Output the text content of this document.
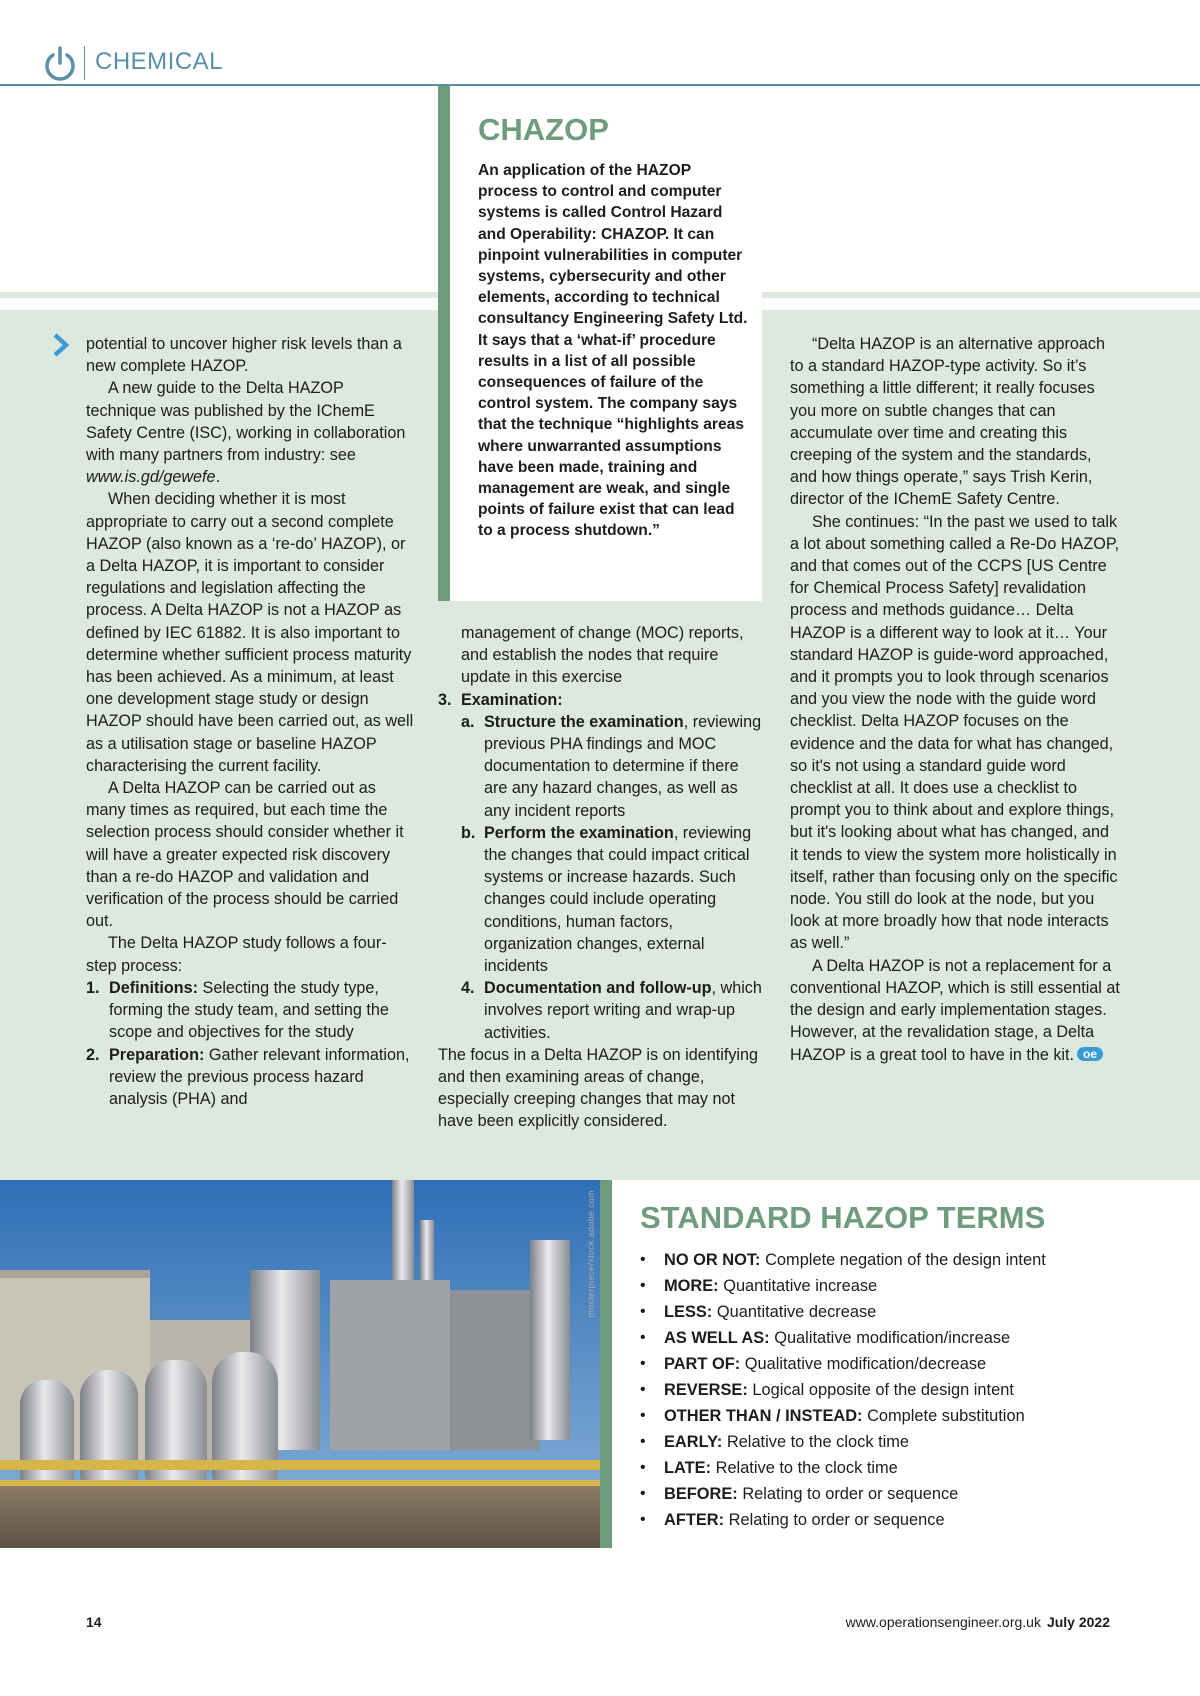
CHEMICAL
CHAZOP
An application of the HAZOP process to control and computer systems is called Control Hazard and Operability: CHAZOP. It can pinpoint vulnerabilities in computer systems, cybersecurity and other elements, according to technical consultancy Engineering Safety Ltd. It says that a ‘what-if’ procedure results in a list of all possible consequences of failure of the control system. The company says that the technique “highlights areas where unwarranted assumptions have been made, training and management are weak, and single points of failure exist that can lead to a process shutdown.”

potential to uncover higher risk levels than a new complete HAZOP.

A new guide to the Delta HAZOP technique was published by the IChemE Safety Centre (ISC), working in collaboration with many partners from industry: see www.is.gd/gewefe.

When deciding whether it is most appropriate to carry out a second complete HAZOP (also known as a ‘re-do’ HAZOP), or a Delta HAZOP, it is important to consider regulations and legislation affecting the process. A Delta HAZOP is not a HAZOP as defined by IEC 61882. It is also important to determine whether sufficient process maturity has been achieved. As a minimum, at least one development stage study or design HAZOP should have been carried out, as well as a utilisation stage or baseline HAZOP characterising the current facility.

A Delta HAZOP can be carried out as many times as required, but each time the selection process should consider whether it will have a greater expected risk discovery than a re-do HAZOP and validation and verification of the process should be carried out.

The Delta HAZOP study follows a four-step process:

1. Definitions: Selecting the study type, forming the study team, and setting the scope and objectives for the study
2. Preparation: Gather relevant information, review the previous process hazard analysis (PHA) and
management of change (MOC) reports, and establish the nodes that require update in this exercise
3. Examination:
a. Structure the examination, reviewing previous PHA findings and MOC documentation to determine if there are any hazard changes, as well as any incident reports
b. Perform the examination, reviewing the changes that could impact critical systems or increase hazards. Such changes could include operating conditions, human factors, organization changes, external incidents
4. Documentation and follow-up, which involves report writing and wrap-up activities.

The focus in a Delta HAZOP is on identifying and then examining areas of change, especially creeping changes that may not have been explicitly considered.

“Delta HAZOP is an alternative approach to a standard HAZOP-type activity. So it’s something a little different; it really focuses you more on subtle changes that can accumulate over time and creating this creeping of the system and the standards, and how things operate,” says Trish Kerin, director of the IChemE Safety Centre.

She continues: “In the past we used to talk a lot about something called a Re-Do HAZOP, and that comes out of the CCPS [US Centre for Chemical Process Safety] revalidation process and methods guidance… Delta HAZOP is a different way to look at it… Your standard HAZOP is guide-word approached, and it prompts you to look through scenarios and you view the node with the guide word checklist. Delta HAZOP focuses on the evidence and the data for what has changed, so it's not using a standard guide word checklist at all. It does use a checklist to prompt you to think about and explore things, but it's looking about what has changed, and it tends to view the system more holistically in itself, rather than focusing only on the specific node. You still do look at the node, but you look at more broadly how that node interacts as well.”

A Delta HAZOP is not a replacement for a conventional HAZOP, which is still essential at the design and early implementation stages. However, at the revalidation stage, a Delta HAZOP is a great tool to have in the kit. oe

mosterpiece/stock.adobe.com STANDARD HAZOP TERMS
• NO OR NOT: Complete negation of the design intent
• MORE: Quantitative increase
• LESS: Quantitative decrease
• AS WELL AS: Qualitative modification/increase
• PART OF: Qualitative modification/decrease
• REVERSE: Logical opposite of the design intent
• OTHER THAN / INSTEAD: Complete substitution
• EARLY: Relative to the clock time
• LATE: Relative to the clock time
• BEFORE: Relating to order or sequence
• AFTER: Relating to order or sequence
14	www.operationsengineer.org.uk July 2022
